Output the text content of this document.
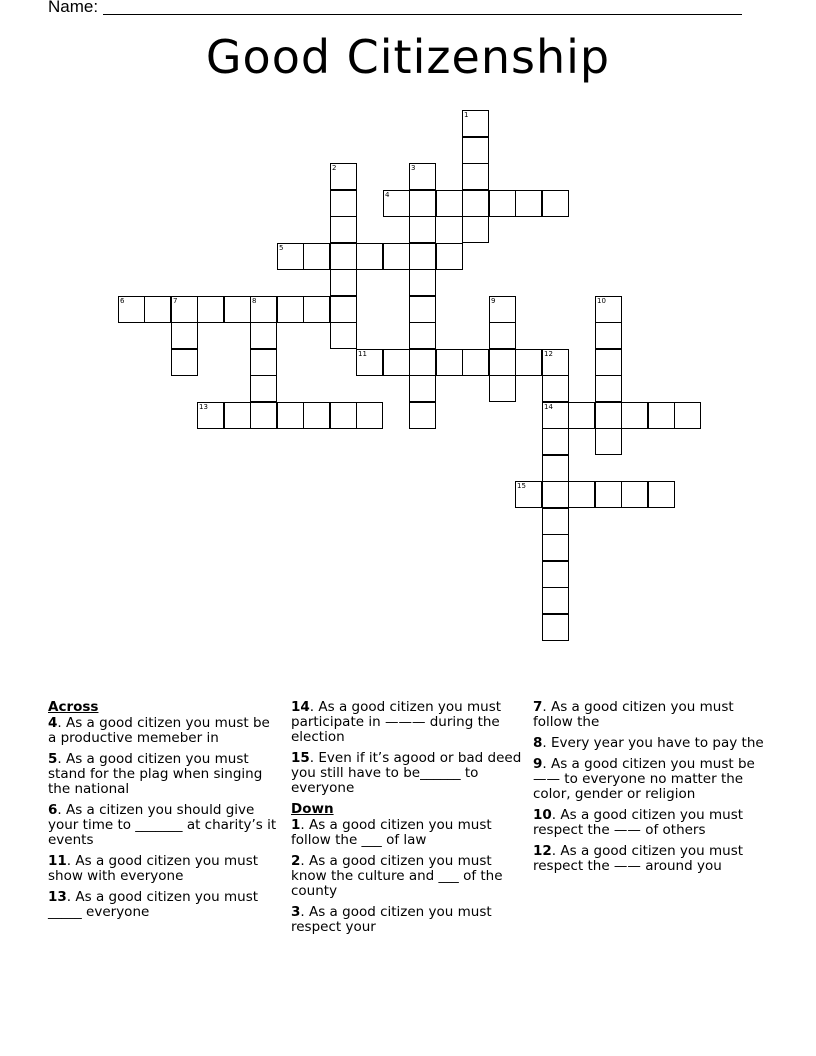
Name:
Good Citizenship
1
2	3
4
5
6	7	8	9	10
11	12
14
13
15
Across
4. As a good citizen you must be a productive memeber in
5. As a good citizen you must stand for the plag when singing the national
6. As a citizen you should give your time to _______ at charity’s it events
11. As a good citizen you must show with everyone
13. As a good citizen you must _____ everyone
14. As a good citizen you must participate in ——— during the election
15. Even if it’s agood or bad deed you still have to be______ to everyone
Down
1. As a good citizen you must follow the ___ of law
2. As a good citizen you must know the culture and ___ of the county
3. As a good citizen you must respect your
7. As a good citizen you must follow the
8. Every year you have to pay the
9. As a good citizen you must be —— to everyone no matter the color, gender or religion
10. As a good citizen you must respect the —— of others
12. As a good citizen you must respect the —— around you
